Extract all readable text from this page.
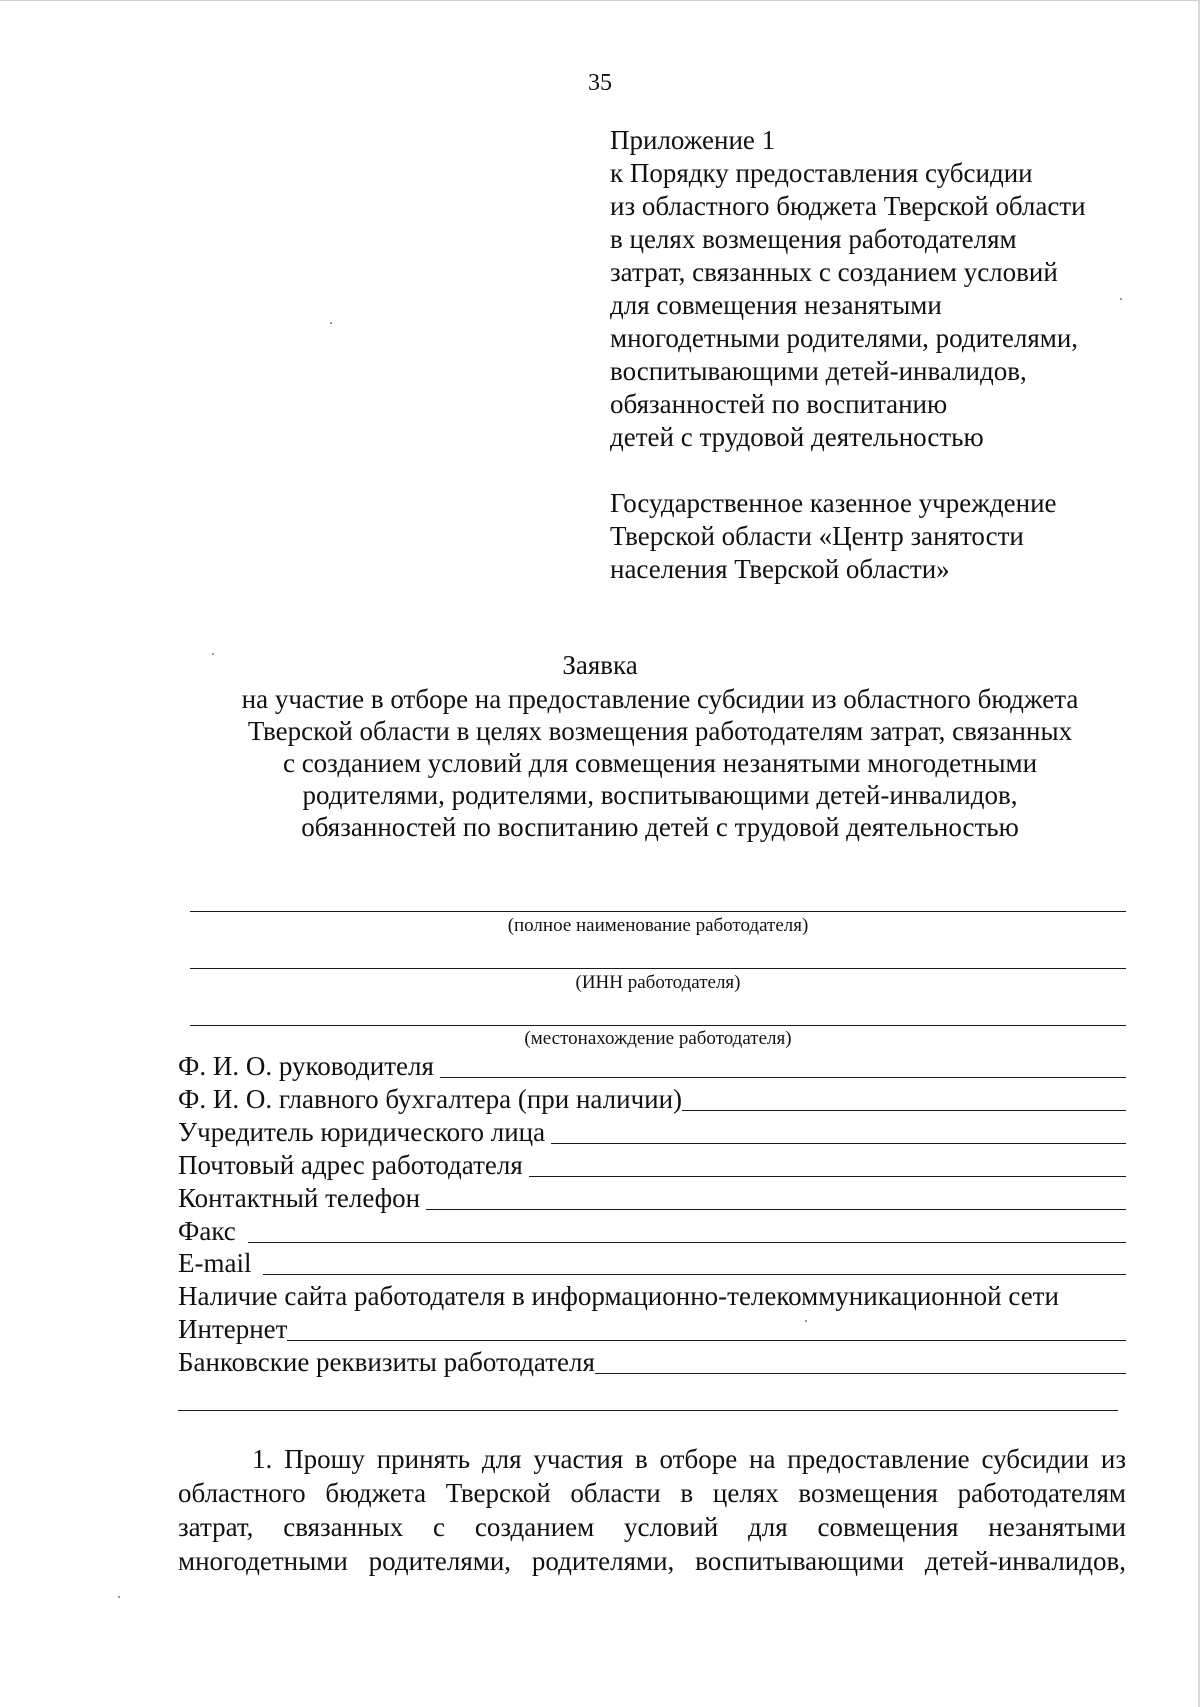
35
Приложение 1
к Порядку предоставления субсидии
из областного бюджета Тверской области
в целях возмещения работодателям
затрат, связанных с созданием условий
для совмещения незанятыми
многодетными родителями, родителями,
воспитывающими детей-инвалидов,
обязанностей по воспитанию
детей с трудовой деятельностью
Государственное казенное учреждение
Тверской области «Центр занятости
населения Тверской области»
Заявка
на участие в отборе на предоставление субсидии из областного бюджета
Тверской области в целях возмещения работодателям затрат, связанных
с созданием условий для совмещения незанятыми многодетными
родителями, родителями, воспитывающими детей-инвалидов,
обязанностей по воспитанию детей с трудовой деятельностью
(полное наименование работодателя)
(ИНН работодателя)
(местонахождение работодателя)
Ф. И. О. руководителя
Ф. И. О. главного бухгалтера (при наличии)
Учредитель юридического лица
Почтовый адрес работодателя
Контактный телефон
Факс
E-mail
Наличие сайта работодателя в информационно-телекоммуникационной сети
Интернет
Банковские реквизиты работодателя
1. Прошу принять для участия в отборе на предоставление субсидии из
областного бюджета Тверской области в целях возмещения работодателям
затрат, связанных с созданием условий для совмещения незанятыми
многодетными родителями, родителями, воспитывающими детей-инвалидов,
